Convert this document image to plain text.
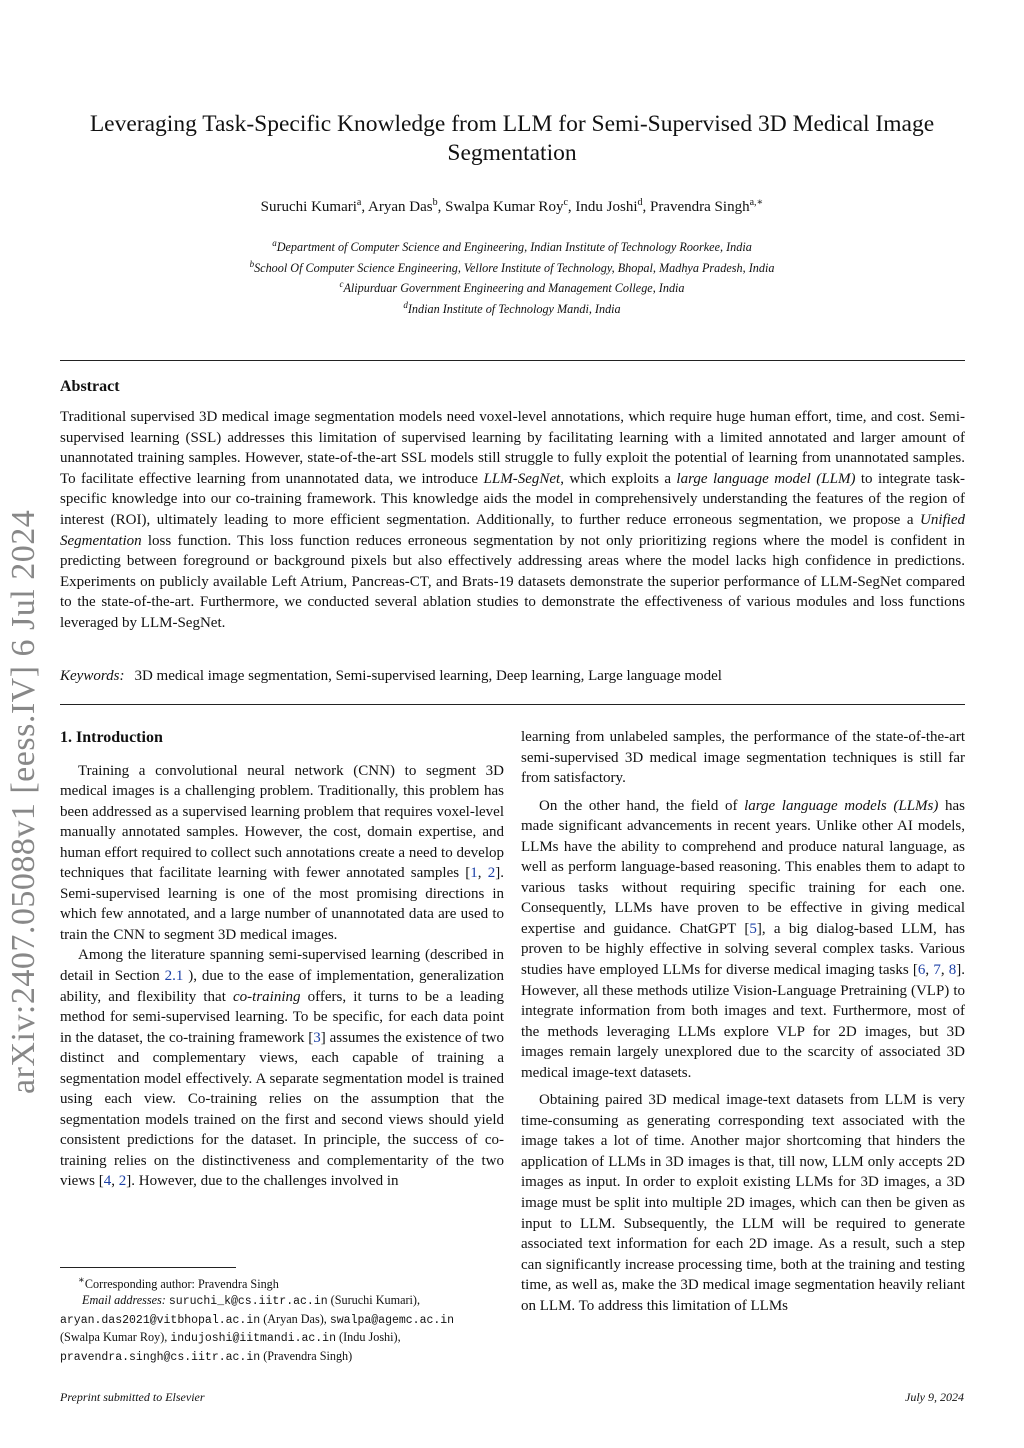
arXiv:2407.05088v1 [eess.IV] 6 Jul 2024
Leveraging Task-Specific Knowledge from LLM for Semi-Supervised 3D Medical Image Segmentation
Suruchi Kumari$^a$, Aryan Das$^b$, Swalpa Kumar Roy$^c$, Indu Joshi$^d$, Pravendra Singh$^{a,∗}$
$^a$Department of Computer Science and Engineering, Indian Institute of Technology Roorkee, India
$^b$School Of Computer Science Engineering, Vellore Institute of Technology, Bhopal, Madhya Pradesh, India
$^c$Alipurduar Government Engineering and Management College, India
$^d$Indian Institute of Technology Mandi, India
Abstract
Traditional supervised 3D medical image segmentation models need voxel-level annotations, which require huge human effort, time, and cost. Semi-supervised learning (SSL) addresses this limitation of supervised learning by facilitating learning with a limited annotated and larger amount of unannotated training samples. However, state-of-the-art SSL models still struggle to fully exploit the potential of learning from unannotated samples. To facilitate effective learning from unannotated data, we introduce LLM-SegNet, which exploits a large language model (LLM) to integrate task-specific knowledge into our co-training framework. This knowledge aids the model in comprehensively understanding the features of the region of interest (ROI), ultimately leading to more efficient segmentation. Additionally, to further reduce erroneous segmentation, we propose a Unified Segmentation loss function. This loss function reduces erroneous segmentation by not only prioritizing regions where the model is confident in predicting between foreground or background pixels but also effectively addressing areas where the model lacks high confidence in predictions. Experiments on publicly available Left Atrium, Pancreas-CT, and Brats-19 datasets demonstrate the superior performance of LLM-SegNet compared to the state-of-the-art. Furthermore, we conducted several ablation studies to demonstrate the effectiveness of various modules and loss functions leveraged by LLM-SegNet.
Keywords: 3D medical image segmentation, Semi-supervised learning, Deep learning, Large language model
1. Introduction

Training a convolutional neural network (CNN) to segment 3D medical images is a challenging problem. Traditionally, this problem has been addressed as a supervised learning problem that requires voxel-level manually annotated samples. However, the cost, domain expertise, and human effort required to collect such annotations create a need to develop techniques that facilitate learning with fewer annotated samples [1, 2]. Semi-supervised learning is one of the most promising directions in which few annotated, and a large number of unannotated data are used to train the CNN to segment 3D medical images.

Among the literature spanning semi-supervised learning (described in detail in Section 2.1 ), due to the ease of implementation, generalization ability, and flexibility that co-training offers, it turns to be a leading method for semi-supervised learning. To be specific, for each data point in the dataset, the co-training framework [3] assumes the existence of two distinct and complementary views, each capable of training a segmentation model effectively. A separate segmentation model is trained using each view. Co-training relies on the assumption that the segmentation models trained on the first and second views should yield consistent predictions for the dataset. In principle, the success of co-training relies on the distinctiveness and complementarity of the two views [4, 2]. However, due to the challenges involved in

learning from unlabeled samples, the performance of the state-of-the-art semi-supervised 3D medical image segmentation techniques is still far from satisfactory.

On the other hand, the field of large language models (LLMs) has made significant advancements in recent years. Unlike other AI models, LLMs have the ability to comprehend and produce natural language, as well as perform language-based reasoning. This enables them to adapt to various tasks without requiring specific training for each one. Consequently, LLMs have proven to be effective in giving medical expertise and guidance. ChatGPT [5], a big dialog-based LLM, has proven to be highly effective in solving several complex tasks. Various studies have employed LLMs for diverse medical imaging tasks [6, 7, 8]. However, all these methods utilize Vision-Language Pretraining (VLP) to integrate information from both images and text. Furthermore, most of the methods leveraging LLMs explore VLP for 2D images, but 3D images remain largely unexplored due to the scarcity of associated 3D medical image-text datasets.

Obtaining paired 3D medical image-text datasets from LLM is very time-consuming as generating corresponding text associated with the image takes a lot of time. Another major shortcoming that hinders the application of LLMs in 3D images is that, till now, LLM only accepts 2D images as input. In order to exploit existing LLMs for 3D images, a 3D image must be split into multiple 2D images, which can then be given as input to LLM. Subsequently, the LLM will be required to generate associated text information for each 2D image. As a result, such a step can significantly increase processing time, both at the training and testing time, as well as, make the 3D medical image segmentation heavily reliant on LLM. To address this limitation of LLMs

∗Corresponding author: Pravendra Singh
Email addresses: suruchi_k@cs.iitr.ac.in (Suruchi Kumari),
aryan.das2021@vitbhopal.ac.in (Aryan Das), swalpa@agemc.ac.in
(Swalpa Kumar Roy), indujoshi@iitmandi.ac.in (Indu Joshi),
pravendra.singh@cs.iitr.ac.in (Pravendra Singh)
Preprint submitted to Elsevier	July 9, 2024
